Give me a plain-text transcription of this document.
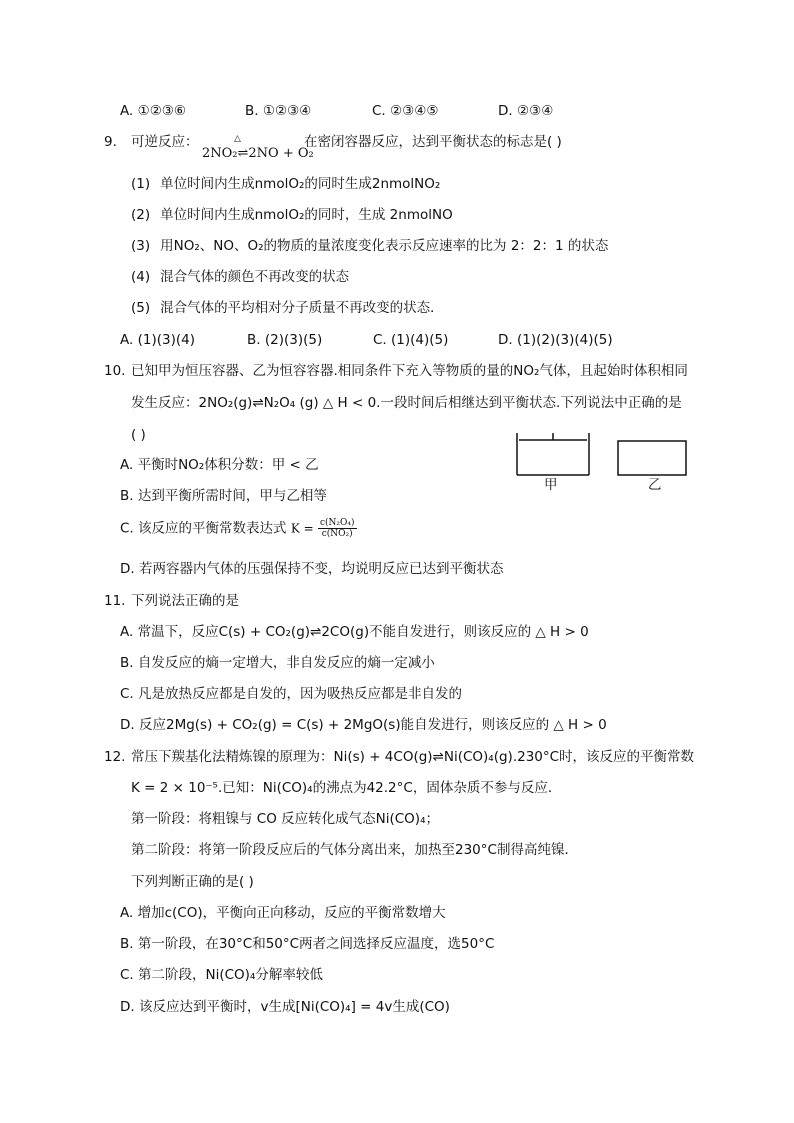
A. ①②③⑥	B. ①②③④	C. ②③④⑤	D. ②③④
9. 可逆反应：	△
2NO₂⇌2NO + O₂
在密闭容器反应，达到平衡状态的标志是( )
(1) 单位时间内生成nmolO₂的同时生成2nmolNO₂
(2) 单位时间内生成nmolO₂的同时，生成 2nmolNO
(3) 用NO₂、NO、O₂的物质的量浓度变化表示反应速率的比为 2：2：1 的状态
(4) 混合气体的颜色不再改变的状态
(5) 混合气体的平均相对分子质量不再改变的状态．
A. (1)(3)(4)	B. (2)(3)(5)	C. (1)(4)(5)	D. (1)(2)(3)(4)(5)
10. 已知甲为恒压容器、乙为恒容容器.相同条件下充入等物质的量的NO₂气体，且起始时体积相同
发生反应：2NO₂(g)⇌N₂O₄ (g) △ H < 0.一段时间后相继达到平衡状态.下列说法中正确的是
( )
A. 平衡时NO₂体积分数：甲 < 乙
B. 达到平衡所需时间，甲与乙相等
C. 该反应的平衡常数表达式 $K = \frac{\text{c(N₂O₄)}}{\text{c(NO₂)}}$
D. 若两容器内气体的压强保持不变，均说明反应已达到平衡状态
甲	乙
11. 下列说法正确的是
A. 常温下，反应C(s) + CO₂(g)⇌2CO(g)不能自发进行，则该反应的 △ H > 0
B. 自发反应的熵一定增大，非自发反应的熵一定减小
C. 凡是放热反应都是自发的，因为吸热反应都是非自发的
D. 反应2Mg(s) + CO₂(g) = C(s) + 2MgO(s)能自发进行，则该反应的 △ H > 0
12. 常压下羰基化法精炼镍的原理为：Ni(s) + 4CO(g)⇌Ni(CO)₄(g).230°C时，该反应的平衡常数
K = 2 × 10⁻⁵.已知：Ni(CO)₄的沸点为42.2°C，固体杂质不参与反应．
第一阶段：将粗镍与 CO 反应转化成气态Ni(CO)₄；
第二阶段：将第一阶段反应后的气体分离出来，加热至230°C制得高纯镍．
下列判断正确的是( )
A. 增加c(CO)，平衡向正向移动，反应的平衡常数增大
B. 第一阶段，在30°C和50°C两者之间选择反应温度，选50°C
C. 第二阶段，Ni(CO)₄分解率较低
D. 该反应达到平衡时，v生成[Ni(CO)₄] = 4v生成(CO)
